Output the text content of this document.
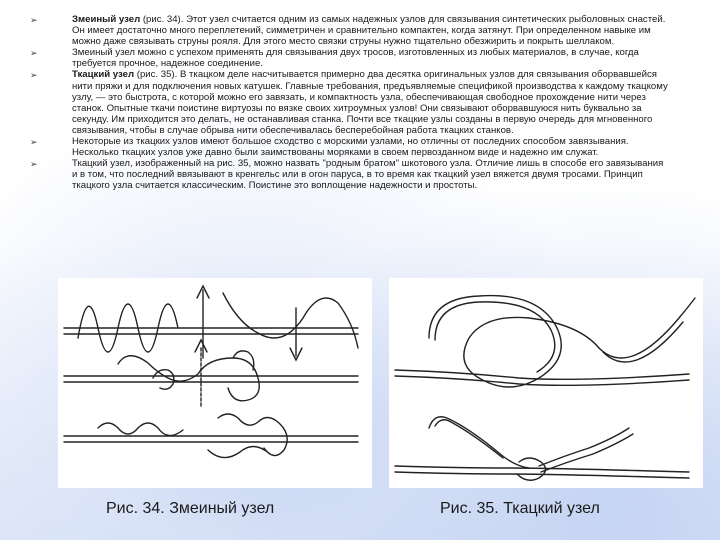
➢	Змеиный узел (рис. 34). Этот узел считается одним из самых надежных узлов для связывания синтетических рыболовных снастей. Он имеет достаточно много переплетений, симметричен и сравнительно компактен, когда затянут. При определенном навыке им можно даже связывать струны рояля. Для этого место связки струны нужно тщательно обезжирить и покрыть шеллаком.
➢	Змеиный узел можно с успехом применять для связывания двух тросов, изготовленных из любых материалов, в случае, когда требуется прочное, надежное соединение.
➢	Ткацкий узел (рис. 35). В ткацком деле насчитывается примерно два десятка оригинальных узлов для связывания оборвавшейся нити пряжи и для подключения новых катушек. Главные требования, предъявляемые спецификой производства к каждому ткацкому узлу, — это быстрота, с которой можно его завязать, и компактность узла, обеспечивающая свободное прохождение нити через станок. Опытные ткачи поистине виртуозы по вязке своих хитроумных узлов! Они связывают оборвавшуюся нить буквально за секунду. Им приходится это делать, не останавливая станка. Почти все ткацкие узлы созданы в первую очередь для мгновенного связывания, чтобы в случае обрыва нити обеспечивалась бесперебойная работа ткацких станков.
➢	Некоторые из ткацких узлов имеют большое сходство с морскими узлами, но отличны от последних способом завязывания. Несколько ткацких узлов уже давно были заимствованы моряками в своем первозданном виде и надежно им служат.
➢	Ткацкий узел, изображенный на рис. 35, можно назвать "родным братом" шкотового узла. Отличие лишь в способе его завязывания и в том, что последний ввязывают в кренгельс или в огон паруса, в то время как ткацкий узел вяжется двумя тросами. Принцип ткацкого узла считается классическим. Поистине это воплощение надежности и простоты.
Рис. 34. Змеиный узел	Рис. 35. Ткацкий узел
